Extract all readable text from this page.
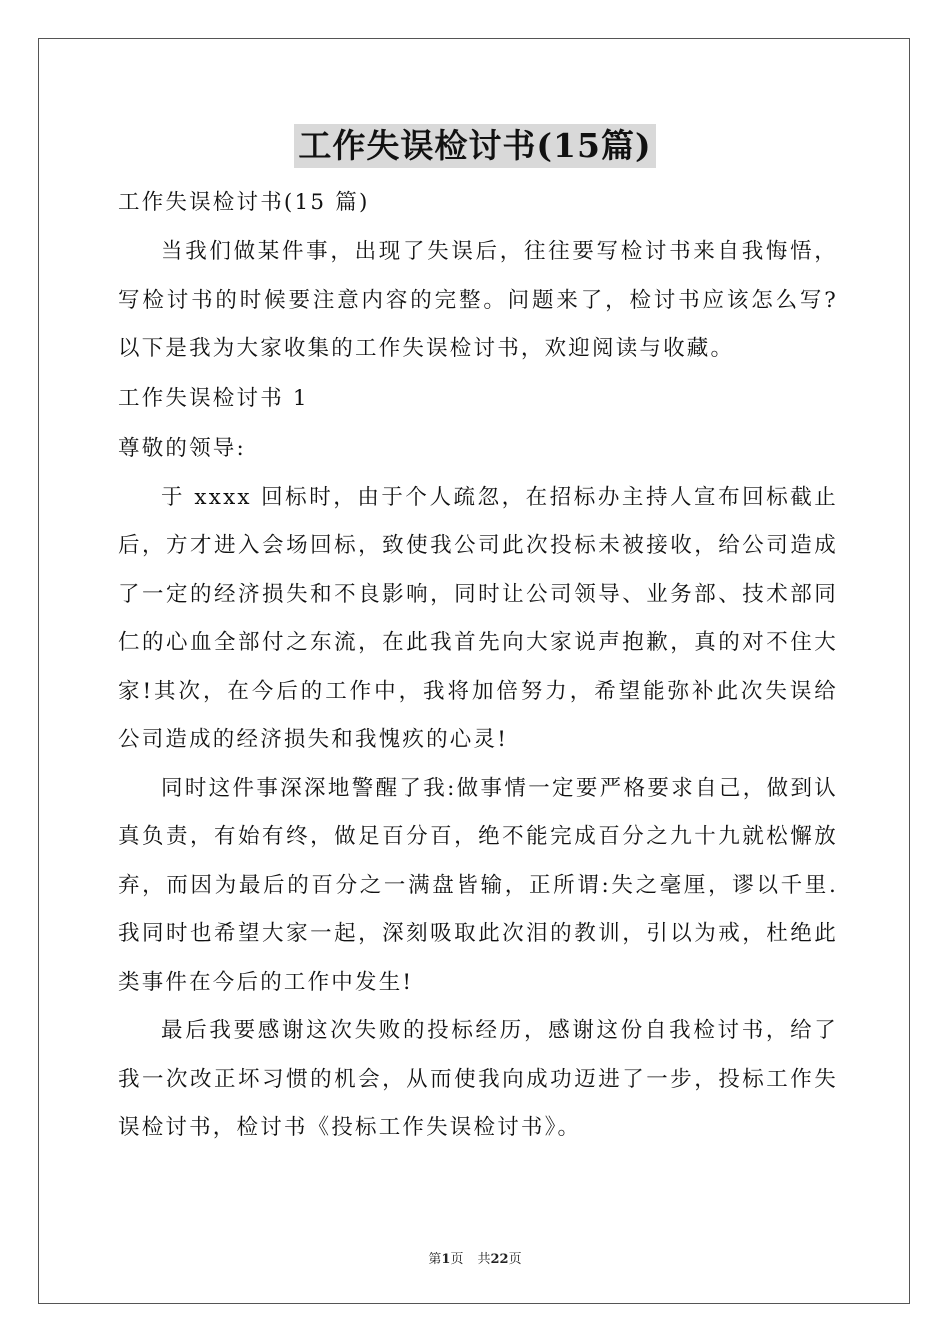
工作失误检讨书(15篇)

工作失误检讨书(15 篇)

当我们做某件事，出现了失误后，往往要写检讨书来自我悔悟，写检讨书的时候要注意内容的完整。问题来了，检讨书应该怎么写?以下是我为大家收集的工作失误检讨书，欢迎阅读与收藏。

工作失误检讨书 1

尊敬的领导:

于 xxxx 回标时，由于个人疏忽，在招标办主持人宣布回标截止后，方才进入会场回标，致使我公司此次投标未被接收，给公司造成了一定的经济损失和不良影响，同时让公司领导、业务部、技术部同仁的心血全部付之东流，在此我首先向大家说声抱歉，真的对不住大家!其次，在今后的工作中，我将加倍努力，希望能弥补此次失误给公司造成的经济损失和我愧疚的心灵!

同时这件事深深地警醒了我:做事情一定要严格要求自己，做到认真负责，有始有终，做足百分百，绝不能完成百分之九十九就松懈放弃，而因为最后的百分之一满盘皆输，正所谓:失之毫厘，谬以千里.我同时也希望大家一起，深刻吸取此次泪的教训，引以为戒，杜绝此类事件在今后的工作中发生!

最后我要感谢这次失败的投标经历，感谢这份自我检讨书，给了我一次改正坏习惯的机会，从而使我向成功迈进了一步，投标工作失误检讨书，检讨书《投标工作失误检讨书》。

第1页 共22页
